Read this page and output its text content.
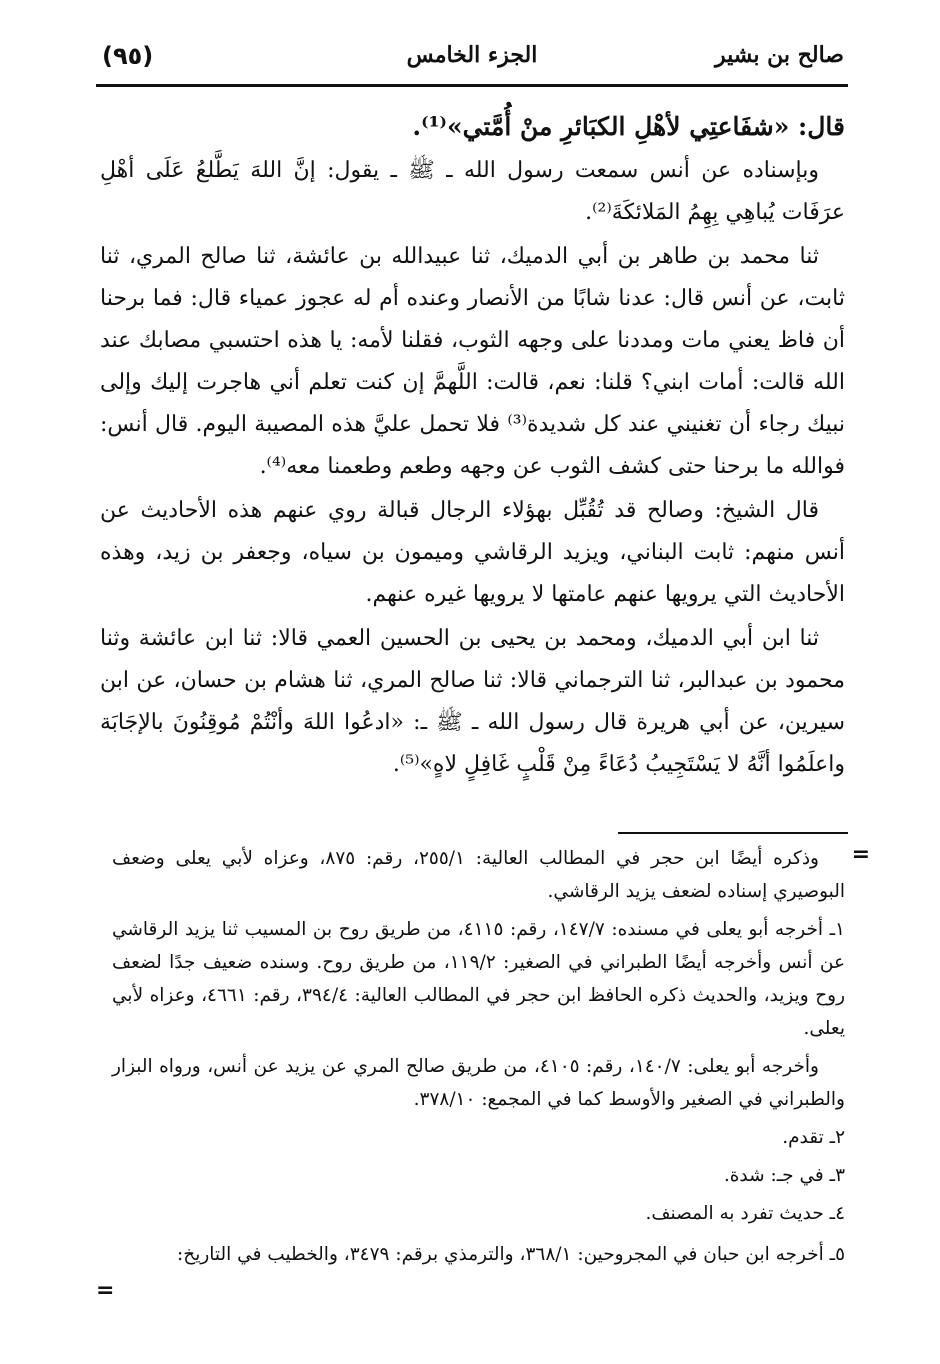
(٩٥)	الجزء الخامس	صالح بن بشير

قال: «شفَاعتِي لأهْلِ الكبَائرِ منْ أُمَّتي»⁽¹⁾.

وبإسناده عن أنس سمعت رسول الله ـ ﷺ ـ يقول: إنَّ اللهَ يَطَّلعُ عَلَى أهْلِ عرَفَات يُباهِي بِهِمُ المَلائكَةَ⁽²⁾.

ثنا محمد بن طاهر بن أبي الدميك، ثنا عبيدالله بن عائشة، ثنا صالح المري، ثنا ثابت، عن أنس قال: عدنا شابًا من الأنصار وعنده أم له عجوز عمياء قال: فما برحنا أن فاظ يعني مات ومددنا على وجهه الثوب، فقلنا لأمه: يا هذه احتسبي مصابك عند الله قالت: أمات ابني؟ قلنا: نعم، قالت: اللَّهمَّ إن كنت تعلم أني هاجرت إليك وإلى نبيك رجاء أن تغنيني عند كل شديدة⁽³⁾ فلا تحمل عليَّ هذه المصيبة اليوم. قال أنس: فوالله ما برحنا حتى كشف الثوب عن وجهه وطعم وطعمنا معه⁽⁴⁾.

قال الشيخ: وصالح قد تُقُبِّل بهؤلاء الرجال قبالة روي عنهم هذه الأحاديث عن أنس منهم: ثابت البناني، ويزيد الرقاشي وميمون بن سياه، وجعفر بن زيد، وهذه الأحاديث التي يرويها عنهم عامتها لا يرويها غيره عنهم.

ثنا ابن أبي الدميك، ومحمد بن يحيى بن الحسين العمي قالا: ثنا ابن عائشة وثنا محمود بن عبدالبر، ثنا الترجماني قالا: ثنا صالح المري، ثنا هشام بن حسان، عن ابن سيرين، عن أبي هريرة قال رسول الله ـ ﷺ ـ: «ادعُوا اللهَ وأنْتُمْ مُوقِنُونَ بالإجَابَة واعلَمُوا أنَّهُ لا يَسْتَجِيبُ دُعَاءً مِنْ قَلْبٍ غَافِلٍ لاهٍ»⁽⁵⁾.

=

وذكره أيضًا ابن حجر في المطالب العالية: ٢٥٥/١، رقم: ٨٧٥، وعزاه لأبي يعلى وضعف البوصيري إسناده لضعف يزيد الرقاشي.

١ـ أخرجه أبو يعلى في مسنده: ١٤٧/٧، رقم: ٤١١٥، من طريق روح بن المسيب ثنا يزيد الرقاشي عن أنس وأخرجه أيضًا الطبراني في الصغير: ١١٩/٢، من طريق روح. وسنده ضعيف جدًا لضعف روح ويزيد، والحديث ذكره الحافظ ابن حجر في المطالب العالية: ٣٩٤/٤، رقم: ٤٦٦١، وعزاه لأبي يعلى.

وأخرجه أبو يعلى: ١٤٠/٧، رقم: ٤١٠٥، من طريق صالح المري عن يزيد عن أنس، ورواه البزار والطبراني في الصغير والأوسط كما في المجمع: ٣٧٨/١٠.

٢ـ تقدم.

٣ـ في جـ: شدة.

٤ـ حديث تفرد به المصنف.

٥ـ أخرجه ابن حبان في المجروحين: ٣٦٨/١، والترمذي برقم: ٣٤٧٩، والخطيب في التاريخ:

=
